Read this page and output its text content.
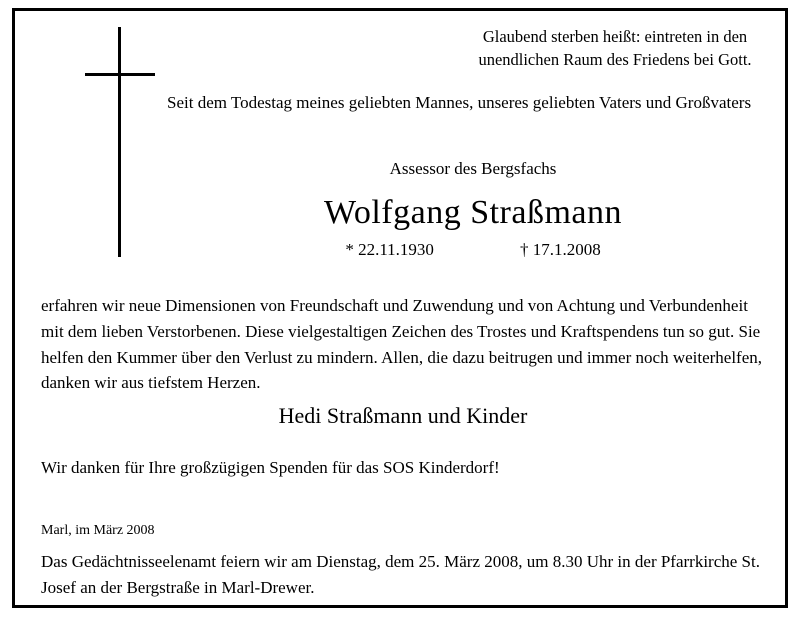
Glaubend sterben heißt: eintreten in den
unendlichen Raum des Friedens bei Gott.
Seit dem Todestag meines geliebten Mannes, unseres geliebten Vaters und Großvaters
Assessor des Bergsfachs
Wolfgang Straßmann
* 22.11.1930	† 17.1.2008
erfahren wir neue Dimensionen von Freundschaft und Zuwendung und von Achtung und Verbundenheit mit dem lieben Verstorbenen. Diese vielgestaltigen Zeichen des Trostes und Kraftspendens tun so gut. Sie helfen den Kummer über den Verlust zu mindern. Allen, die dazu beitrugen und immer noch weiterhelfen, danken wir aus tiefstem Herzen.
Hedi Straßmann und Kinder
Wir danken für Ihre großzügigen Spenden für das SOS Kinderdorf!
Marl, im März 2008
Das Gedächtnisseelenamt feiern wir am Dienstag, dem 25. März 2008, um 8.30 Uhr in der Pfarrkirche St. Josef an der Bergstraße in Marl-Drewer.
